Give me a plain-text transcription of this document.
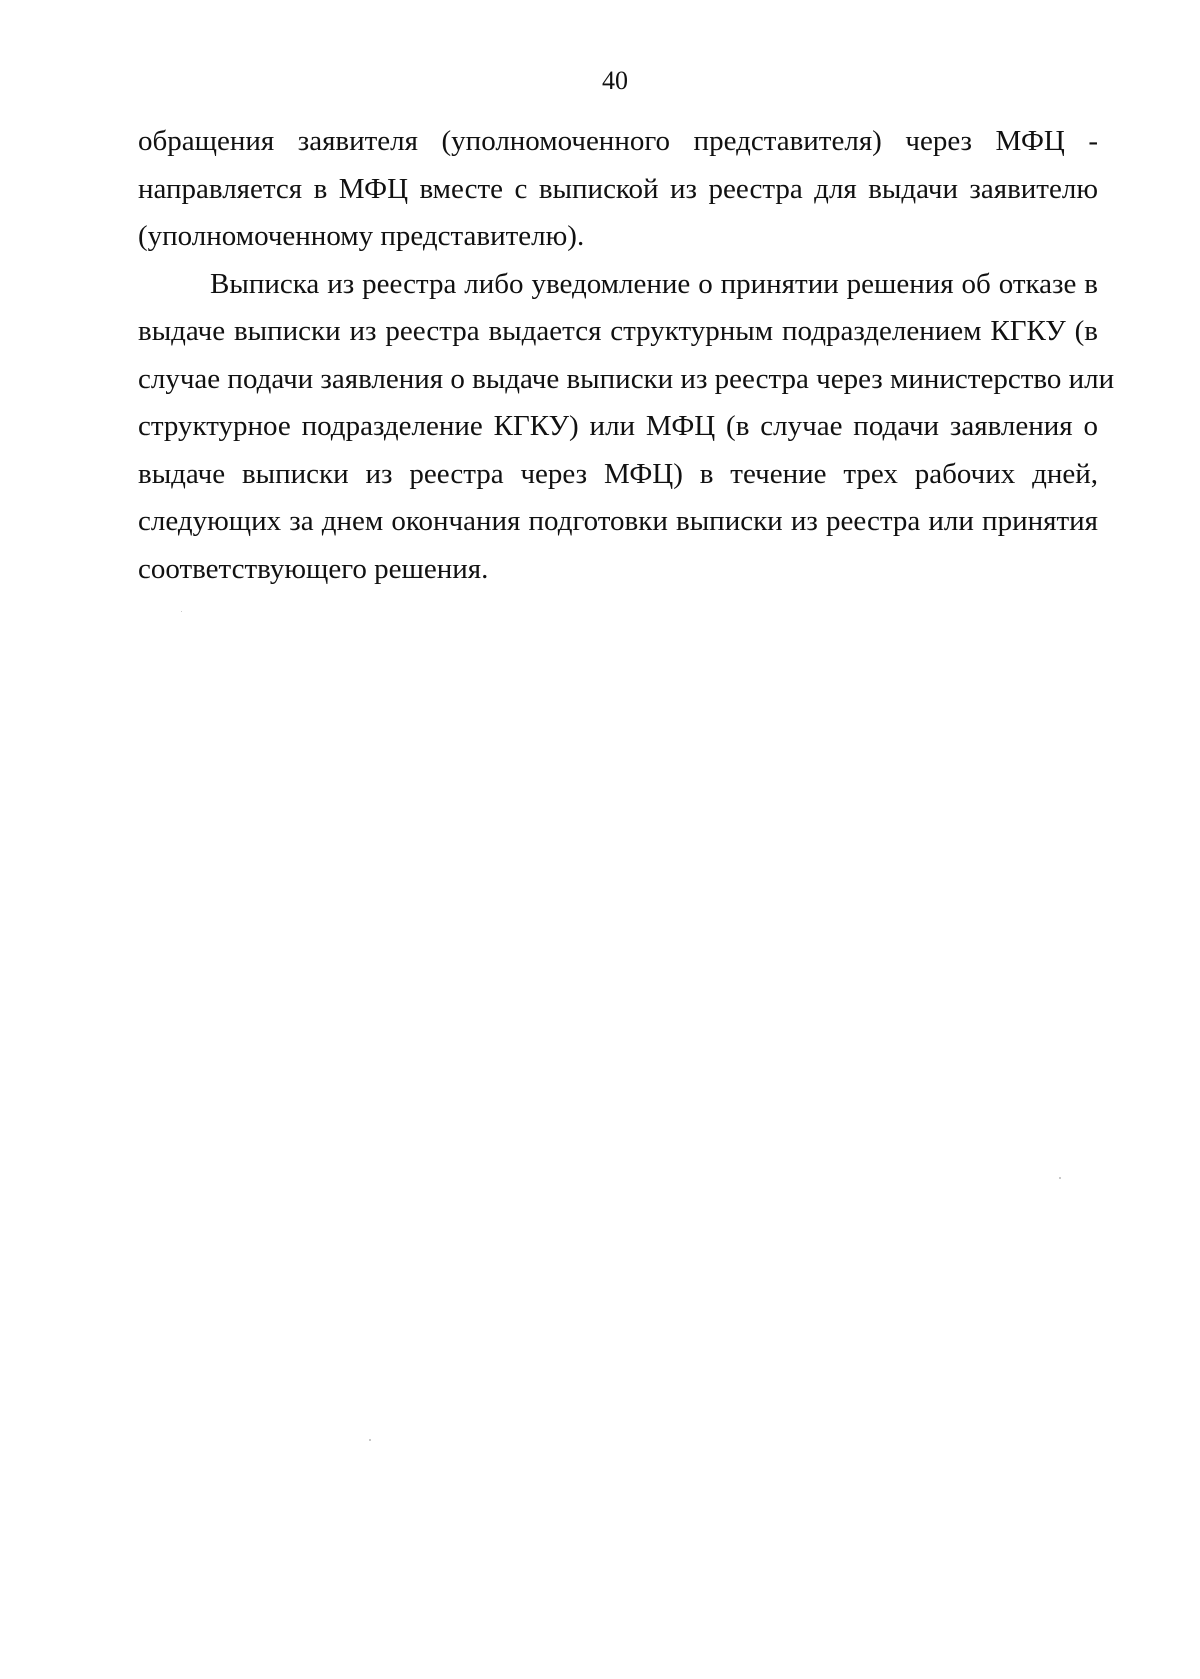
40
обращения заявителя (уполномоченного представителя) через МФЦ -
направляется в МФЦ вместе с выпиской из реестра для выдачи заявителю
(уполномоченному представителю).
Выписка из реестра либо уведомление о принятии решения об отказе в
выдаче выписки из реестра выдается структурным подразделением КГКУ (в
случае подачи заявления о выдаче выписки из реестра через министерство или
структурное подразделение КГКУ) или МФЦ (в случае подачи заявления о
выдаче выписки из реестра через МФЦ) в течение трех рабочих дней,
следующих за днем окончания подготовки выписки из реестра или принятия
соответствующего решения.
